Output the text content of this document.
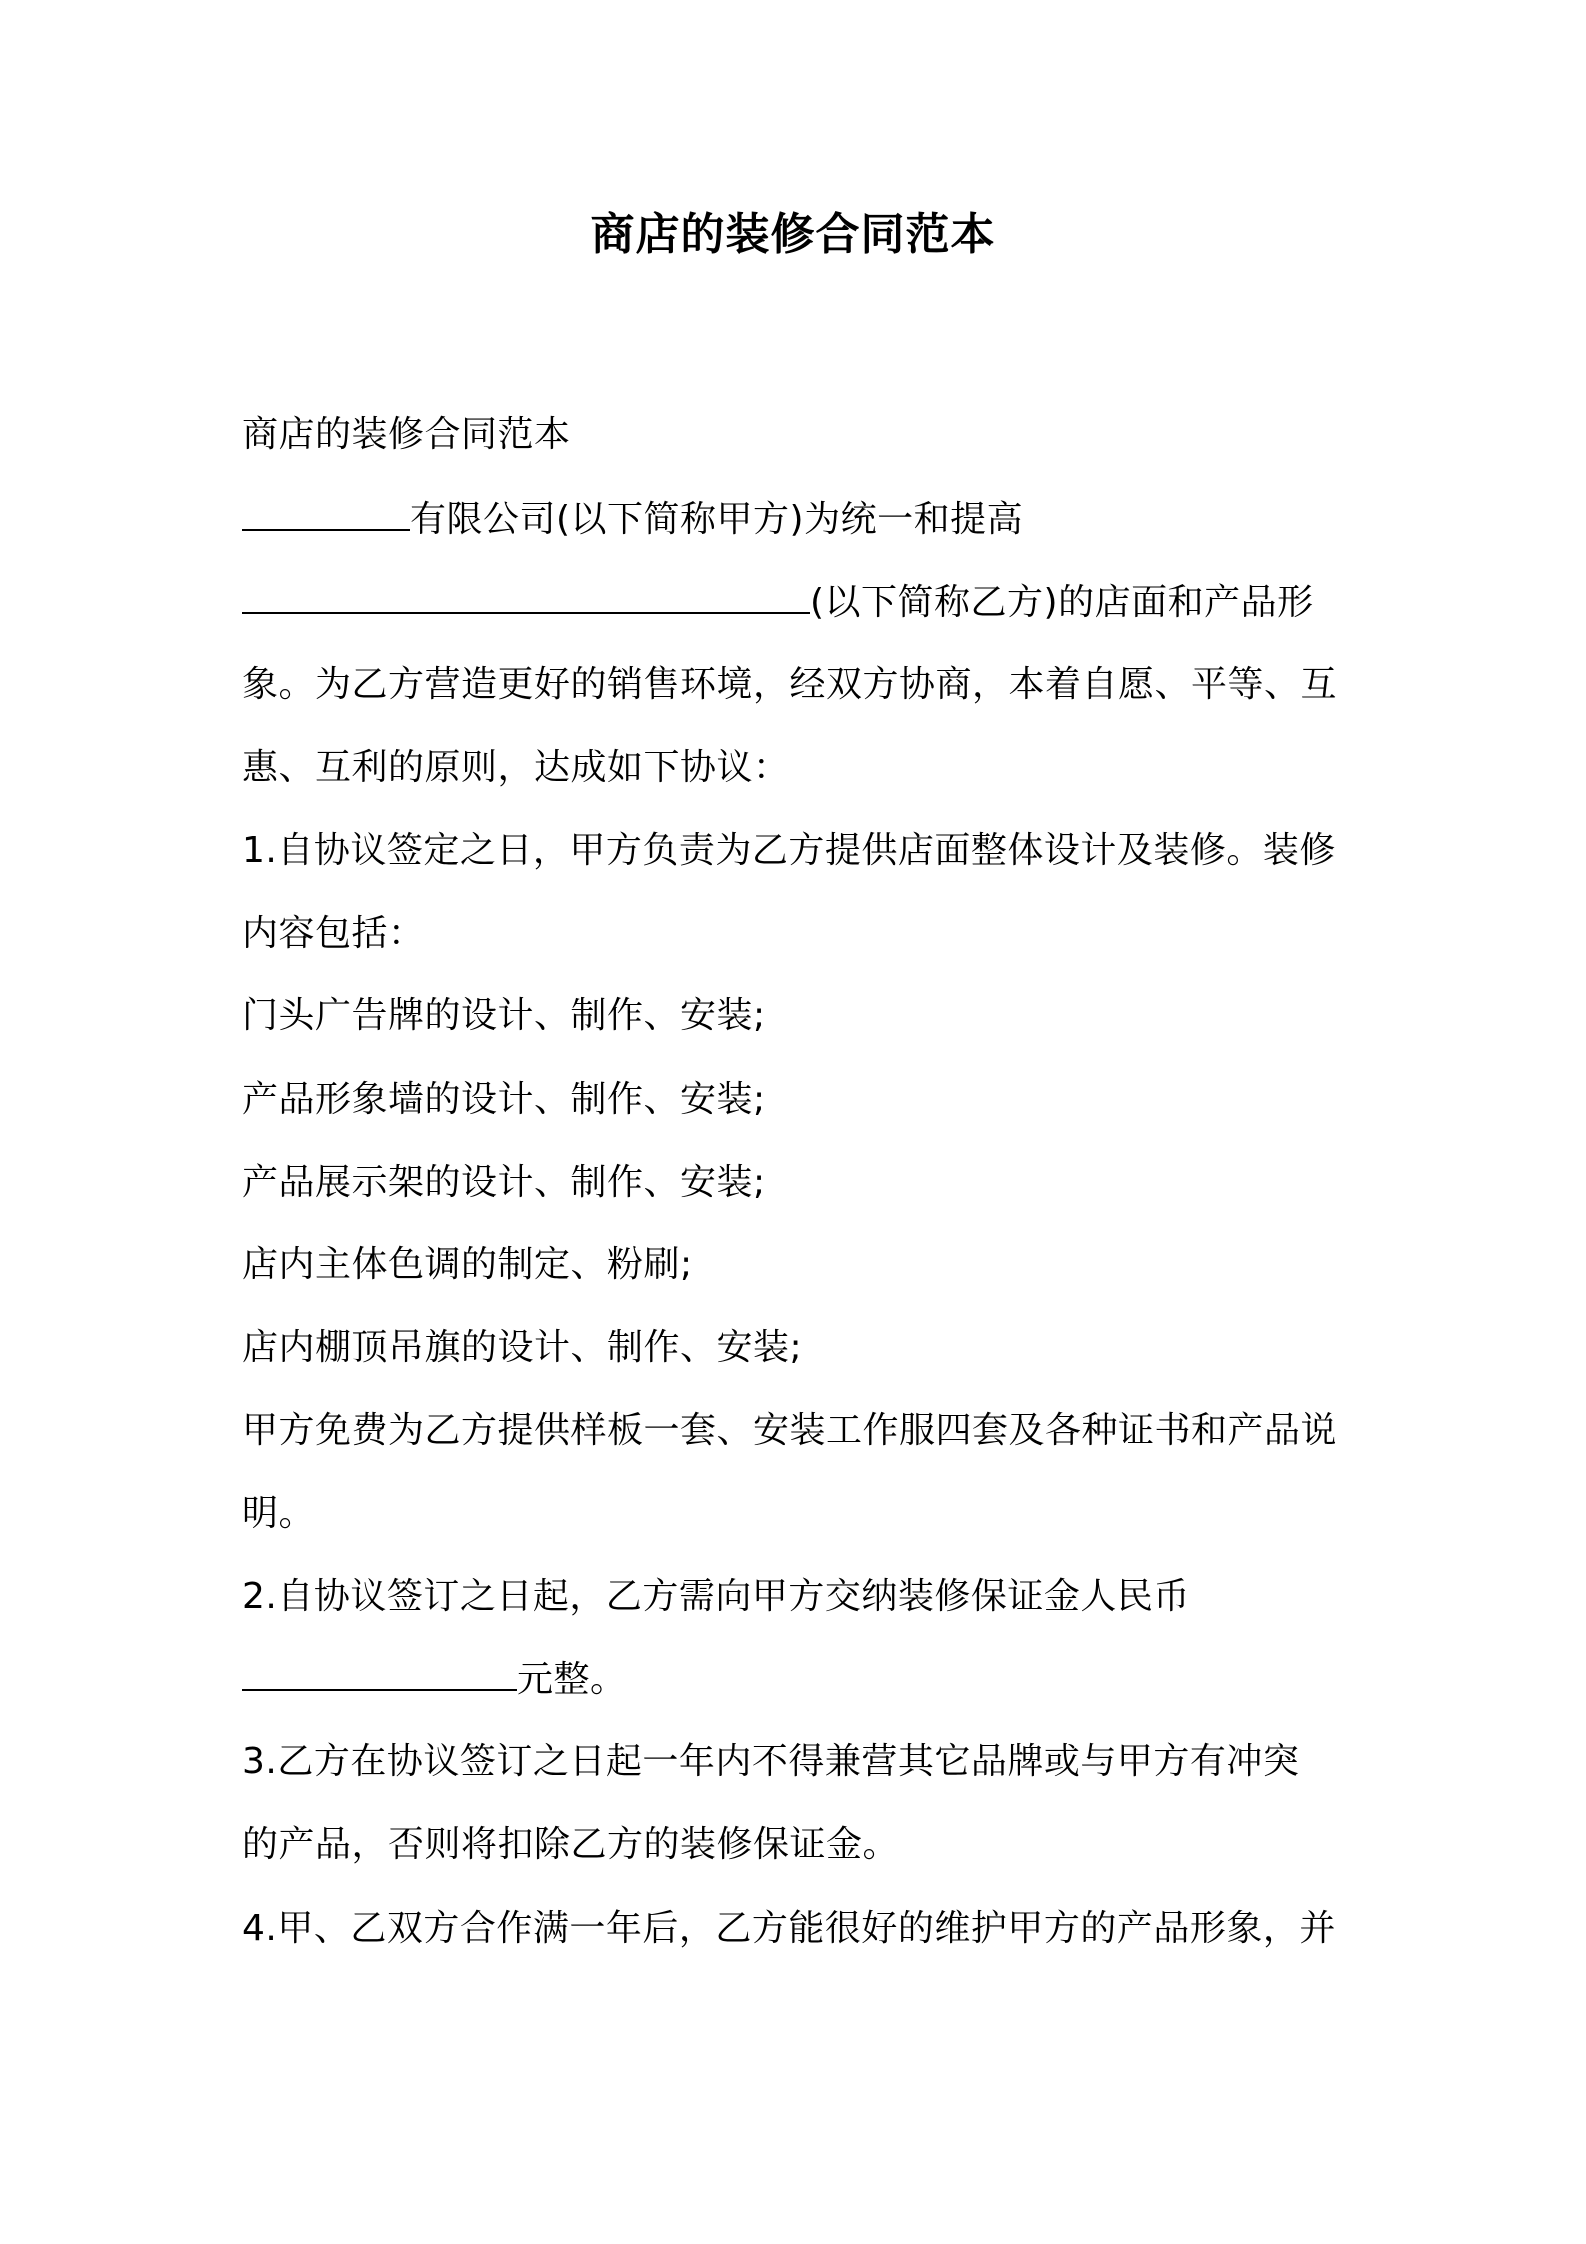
商店的装修合同范本
商店的装修合同范本
有限公司(以下简称甲方)为统一和提高
(以下简称乙方)的店面和产品形
象。为乙方营造更好的销售环境，经双方协商，本着自愿、平等、互
惠、互利的原则，达成如下协议：
1.自协议签定之日，甲方负责为乙方提供店面整体设计及装修。装修
内容包括：
门头广告牌的设计、制作、安装;
产品形象墙的设计、制作、安装;
产品展示架的设计、制作、安装;
店内主体色调的制定、粉刷;
店内棚顶吊旗的设计、制作、安装;
甲方免费为乙方提供样板一套、安装工作服四套及各种证书和产品说
明。
2.自协议签订之日起，乙方需向甲方交纳装修保证金人民币
元整。
3.乙方在协议签订之日起一年内不得兼营其它品牌或与甲方有冲突
的产品，否则将扣除乙方的装修保证金。
4.甲、乙双方合作满一年后，乙方能很好的维护甲方的产品形象，并
